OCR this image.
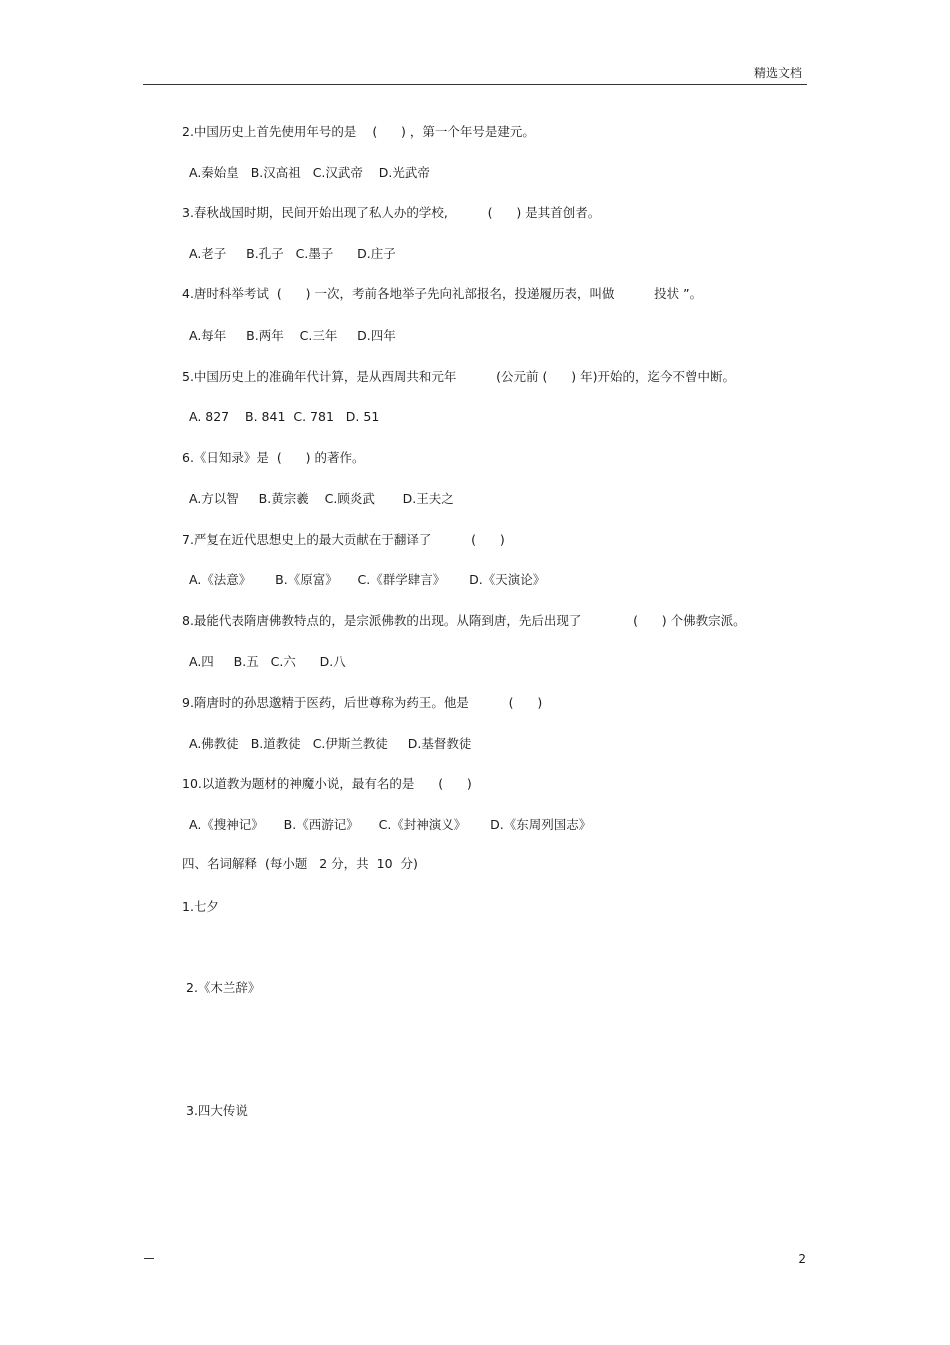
精选文档
2.中国历史上首先使用年号的是    (      ) ，第一个年号是建元。
A.秦始皇   B.汉高祖   C.汉武帝    D.光武帝
3.春秋战国时期，民间开始出现了私人办的学校,          (      ) 是其首创者。
A.老子     B.孔子   C.墨子      D.庄子
4.唐时科举考试  (      ) 一次，考前各地举子先向礼部报名，投递履历表，叫做          投状 ”。
A.每年     B.两年    C.三年     D.四年
5.中国历史上的准确年代计算，是从西周共和元年          (公元前 (      ) 年)开始的，迄今不曾中断。
A. 827    B. 841  C. 781   D. 51
6.《日知录》是  (      ) 的著作。
A.方以智     B.黄宗羲    C.顾炎武       D.王夫之
7.严复在近代思想史上的最大贡献在于翻译了          (      )
A.《法意》      B.《原富》     C.《群学肆言》      D.《天演论》
8.最能代表隋唐佛教特点的，是宗派佛教的出现。从隋到唐，先后出现了             (      ) 个佛教宗派。
A.四     B.五   C.六      D.八
9.隋唐时的孙思邈精于医药，后世尊称为药王。他是          (      )
A.佛教徒   B.道教徒   C.伊斯兰教徒     D.基督教徒
10.以道教为题材的神魔小说，最有名的是      (      )
A.《搜神记》     B.《西游记》     C.《封神演义》      D.《东周列国志》
四、名词解释  (每小题   2 分，共  10  分)
1.七夕
2.《木兰辞》
3.四大传说
2
